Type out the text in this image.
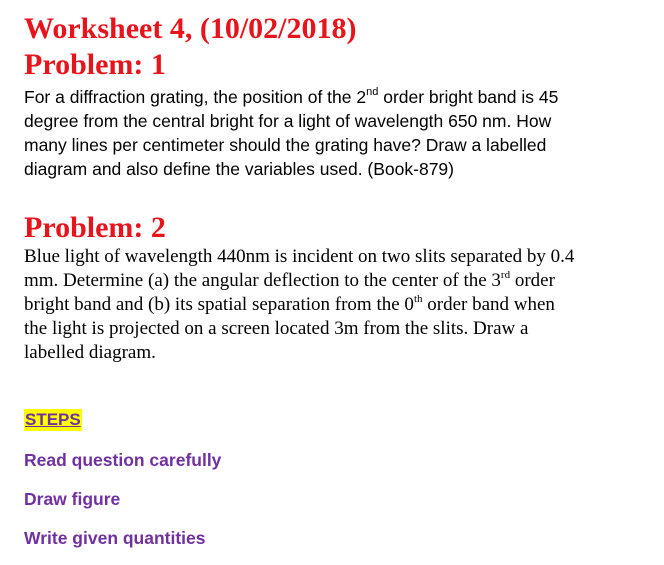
Worksheet 4, (10/02/2018)
Problem: 1

For a diffraction grating, the position of the 2nd order bright band is 45
degree from the central bright for a light of wavelength 650 nm. How
many lines per centimeter should the grating have? Draw a labelled
diagram and also define the variables used. (Book-879)

Problem: 2

Blue light of wavelength 440nm is incident on two slits separated by 0.4
mm. Determine (a) the angular deflection to the center of the 3rd order
bright band and (b) its spatial separation from the 0th order band when
the light is projected on a screen located 3m from the slits. Draw a
labelled diagram.

STEPS
Read question carefully
Draw figure
Write given quantities
